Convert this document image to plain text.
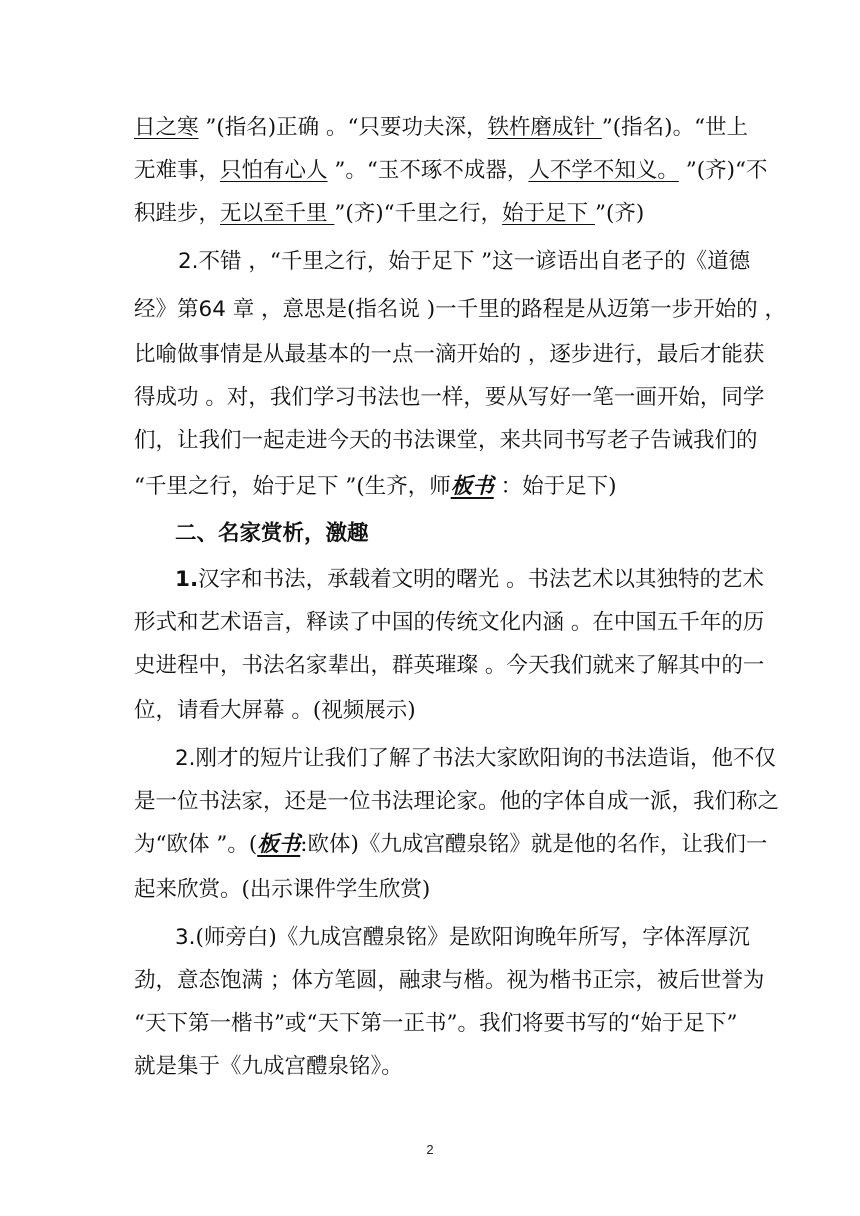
日之寒 ”(指名)正确 。“只要功夫深，铁杵磨成针 ”(指名)。“世上
无难事，只怕有心人 ”。“玉不琢不成器，人不学不知义。 ”(齐)“不
积跬步，无以至千里 ”(齐)“千里之行，始于足下 ”(齐)
2.不错 ，“千里之行，始于足下 ”这一谚语出自老子的《道德
经》第64 章 ，意思是(指名说 )一千里的路程是从迈第一步开始的 ，
比喻做事情是从最基本的一点一滴开始的 ，逐步进行，最后才能获
得成功 。对，我们学习书法也一样，要从写好一笔一画开始，同学
们，让我们一起走进今天的书法课堂，来共同书写老子告诫我们的
“千里之行，始于足下 ”(生齐，师板书 ：始于足下)
二、名家赏析，激趣
1.汉字和书法，承载着文明的曙光 。书法艺术以其独特的艺术
形式和艺术语言，释读了中国的传统文化内涵 。在中国五千年的历
史进程中，书法名家辈出，群英璀璨 。今天我们就来了解其中的一
位，请看大屏幕 。(视频展示)
2.刚才的短片让我们了解了书法大家欧阳询的书法造诣，他不仅
是一位书法家，还是一位书法理论家。他的字体自成一派，我们称之
为“欧体 ”。(板书:欧体)《九成宫醴泉铭》就是他的名作，让我们一
起来欣赏。(出示课件学生欣赏)
3.(师旁白)《九成宫醴泉铭》是欧阳询晚年所写，字体浑厚沉
劲，意态饱满 ；体方笔圆，融隶与楷。视为楷书正宗，被后世誉为
“天下第一楷书”或“天下第一正书”。我们将要书写的“始于足下”
就是集于《九成宫醴泉铭》。
2
